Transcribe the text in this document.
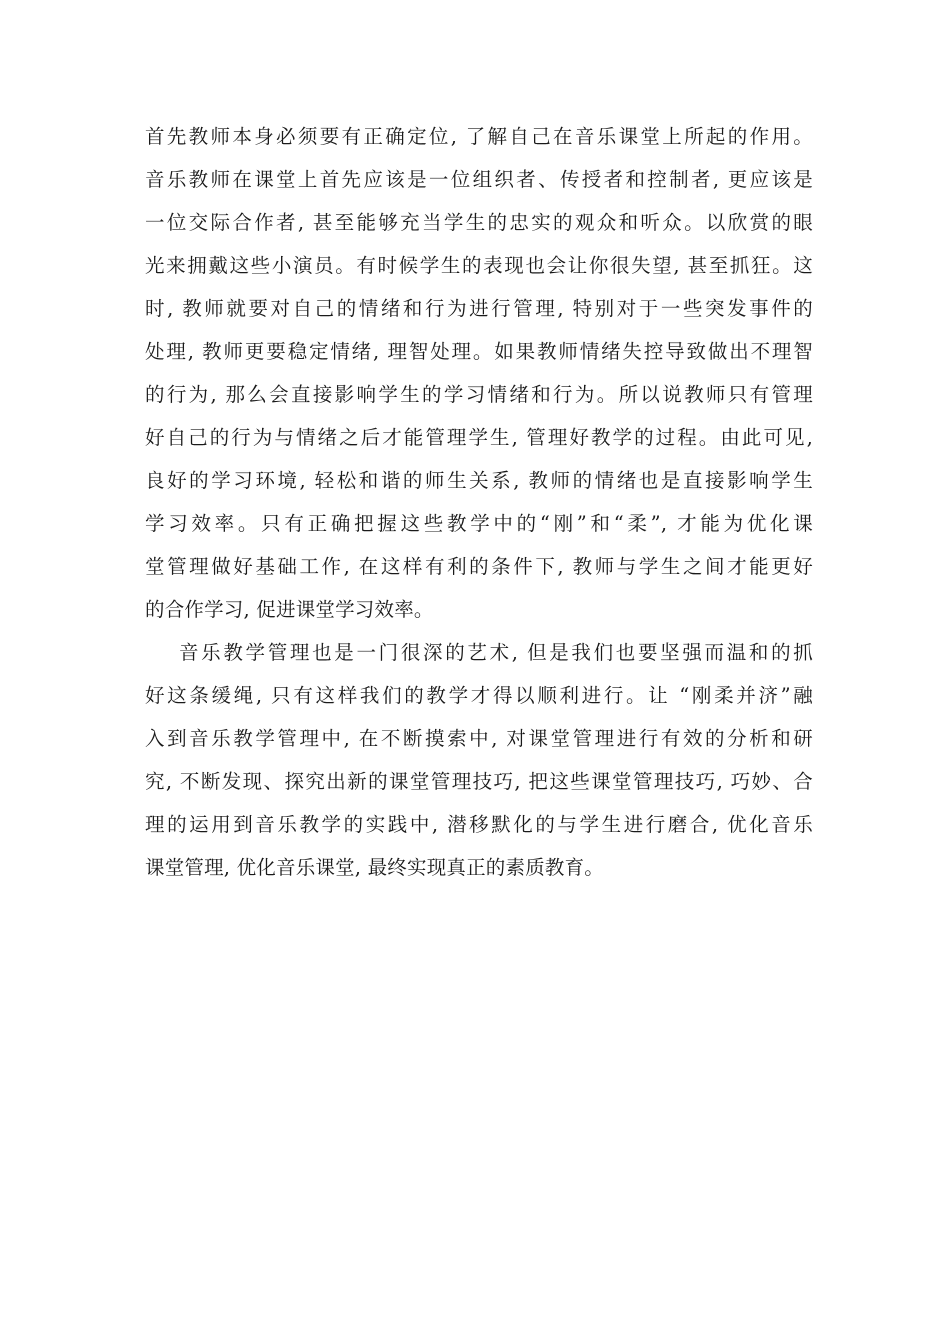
首先教师本身必须要有正确定位, 了解自己在音乐课堂上所起的作用。
音乐教师在课堂上首先应该是一位组织者、传授者和控制者, 更应该是
一位交际合作者, 甚至能够充当学生的忠实的观众和听众。以欣赏的眼
光来拥戴这些小演员。有时候学生的表现也会让你很失望, 甚至抓狂。这
时, 教师就要对自己的情绪和行为进行管理, 特别对于一些突发事件的
处理, 教师更要稳定情绪, 理智处理。如果教师情绪失控导致做出不理智
的行为, 那么会直接影响学生的学习情绪和行为。所以说教师只有管理
好自己的行为与情绪之后才能管理学生, 管理好教学的过程。由此可见,
良好的学习环境, 轻松和谐的师生关系, 教师的情绪也是直接影响学生
学习效率。只有正确把握这些教学中的“刚”和“柔”, 才能为优化课
堂管理做好基础工作, 在这样有利的条件下, 教师与学生之间才能更好
的合作学习, 促进课堂学习效率。
音乐教学管理也是一门很深的艺术, 但是我们也要坚强而温和的抓
好这条缓绳, 只有这样我们的教学才得以顺利进行。让 “刚柔并济”融
入到音乐教学管理中, 在不断摸索中, 对课堂管理进行有效的分析和研
究, 不断发现、探究出新的课堂管理技巧, 把这些课堂管理技巧, 巧妙、合
理的运用到音乐教学的实践中, 潜移默化的与学生进行磨合, 优化音乐
课堂管理, 优化音乐课堂, 最终实现真正的素质教育。
